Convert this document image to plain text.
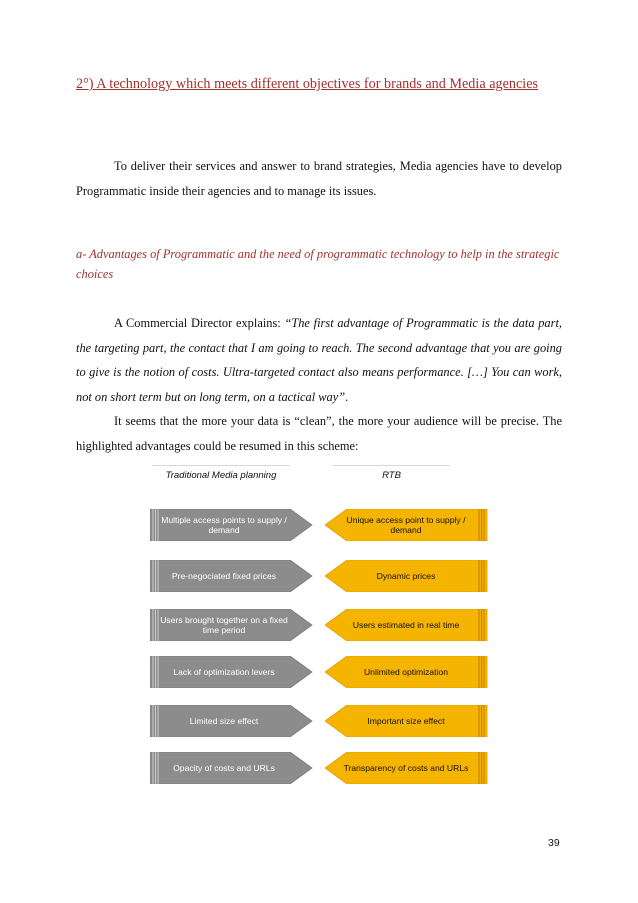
2°) A technology which meets different objectives for brands and Media agencies
To deliver their services and answer to brand strategies, Media agencies have to develop Programmatic inside their agencies and to manage its issues.
a- Advantages of Programmatic and the need of programmatic technology to help in the strategic choices
A Commercial Director explains: “The first advantage of Programmatic is the data part, the targeting part, the contact that I am going to reach. The second advantage that you are going to give is the notion of costs. Ultra-targeted contact also means performance. […] You can work, not on short term but on long term, on a tactical way”.
It seems that the more your data is “clean”, the more your audience will be precise. The highlighted advantages could be resumed in this scheme:
Traditional Media planning	RTB
Multiple access points to supply / demand
Pre-negociated fixed prices
Users brought together on a fixed time period
Lack of optimization levers
Limited size effect
Opacity of costs and URLs
Unique access point to supply / demand
Dynamic prices
Users estimated in real time
Unlimited optimization
Important size effect
Transparency of costs and URLs
39
